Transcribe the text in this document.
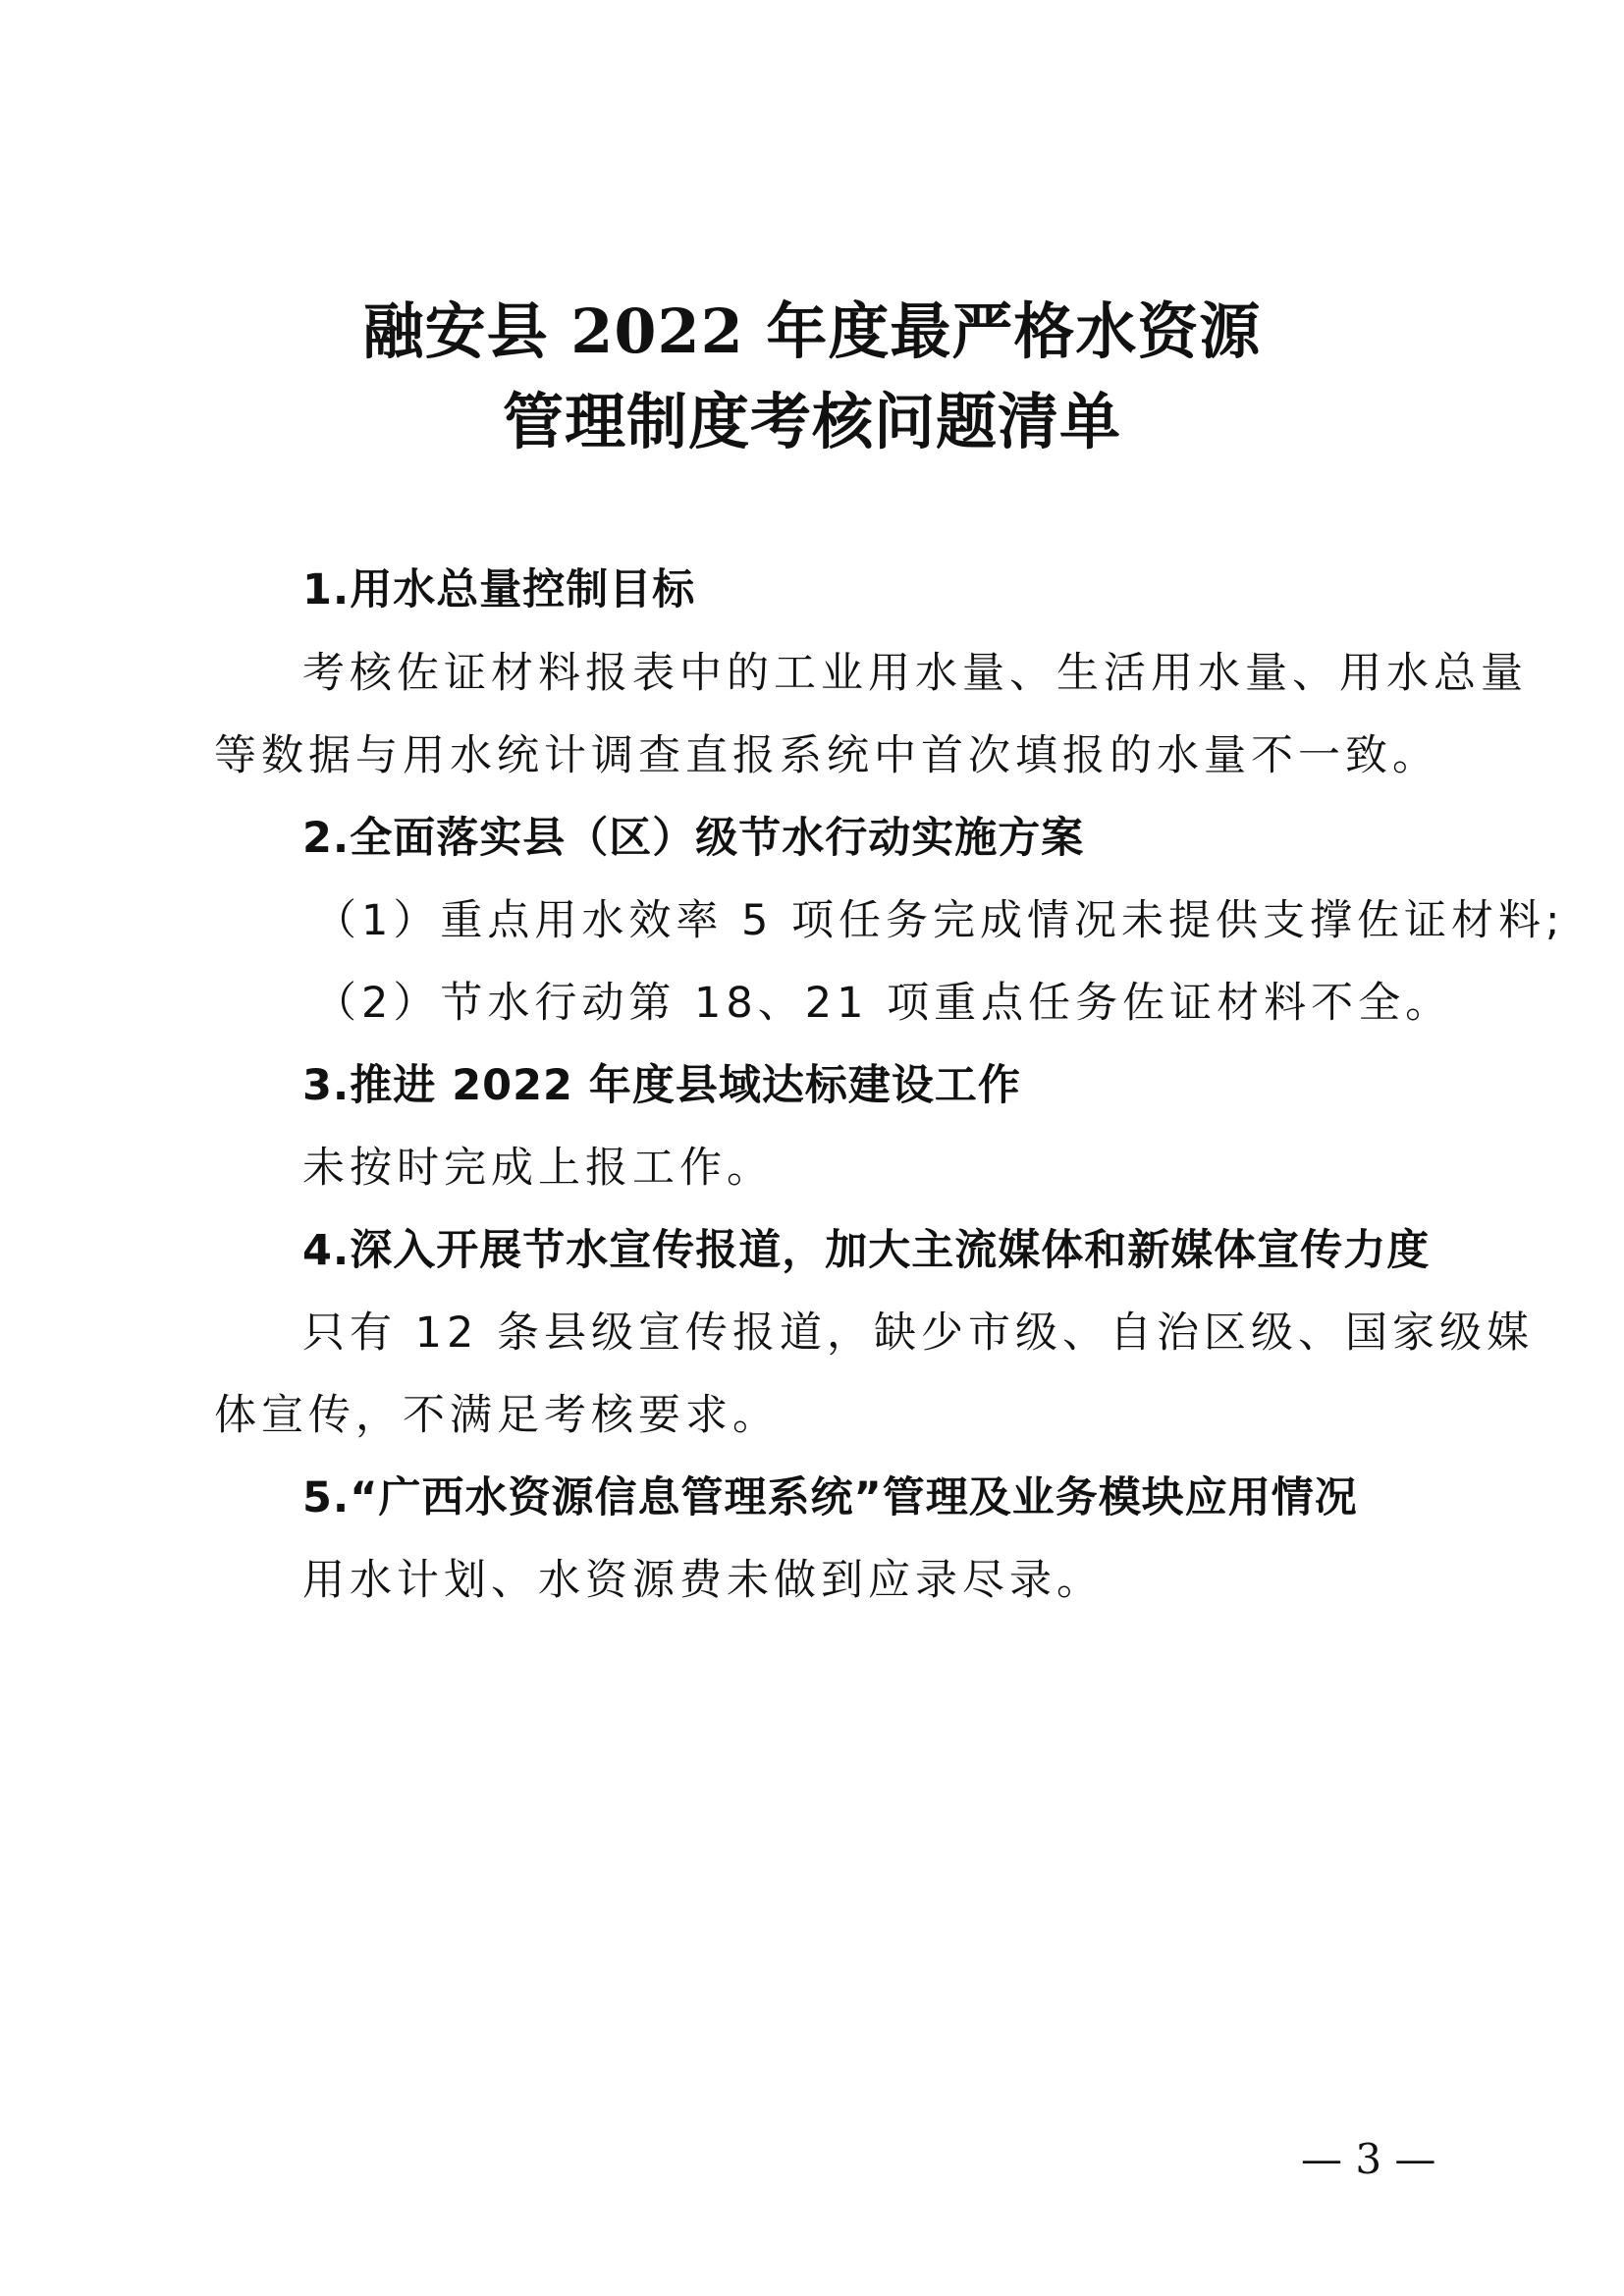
融安县 2022 年度最严格水资源
管理制度考核问题清单
1.用水总量控制目标
考核佐证材料报表中的工业用水量、生活用水量、用水总量
等数据与用水统计调查直报系统中首次填报的水量不一致。
2.全面落实县（区）级节水行动实施方案
（1）重点用水效率 5 项任务完成情况未提供支撑佐证材料;
（2）节水行动第 18、21 项重点任务佐证材料不全。
3.推进 2022 年度县域达标建设工作
未按时完成上报工作。
4.深入开展节水宣传报道，加大主流媒体和新媒体宣传力度
只有 12 条县级宣传报道，缺少市级、自治区级、国家级媒
体宣传，不满足考核要求。
5.“广西水资源信息管理系统”管理及业务模块应用情况
用水计划、水资源费未做到应录尽录。
— 3 —
